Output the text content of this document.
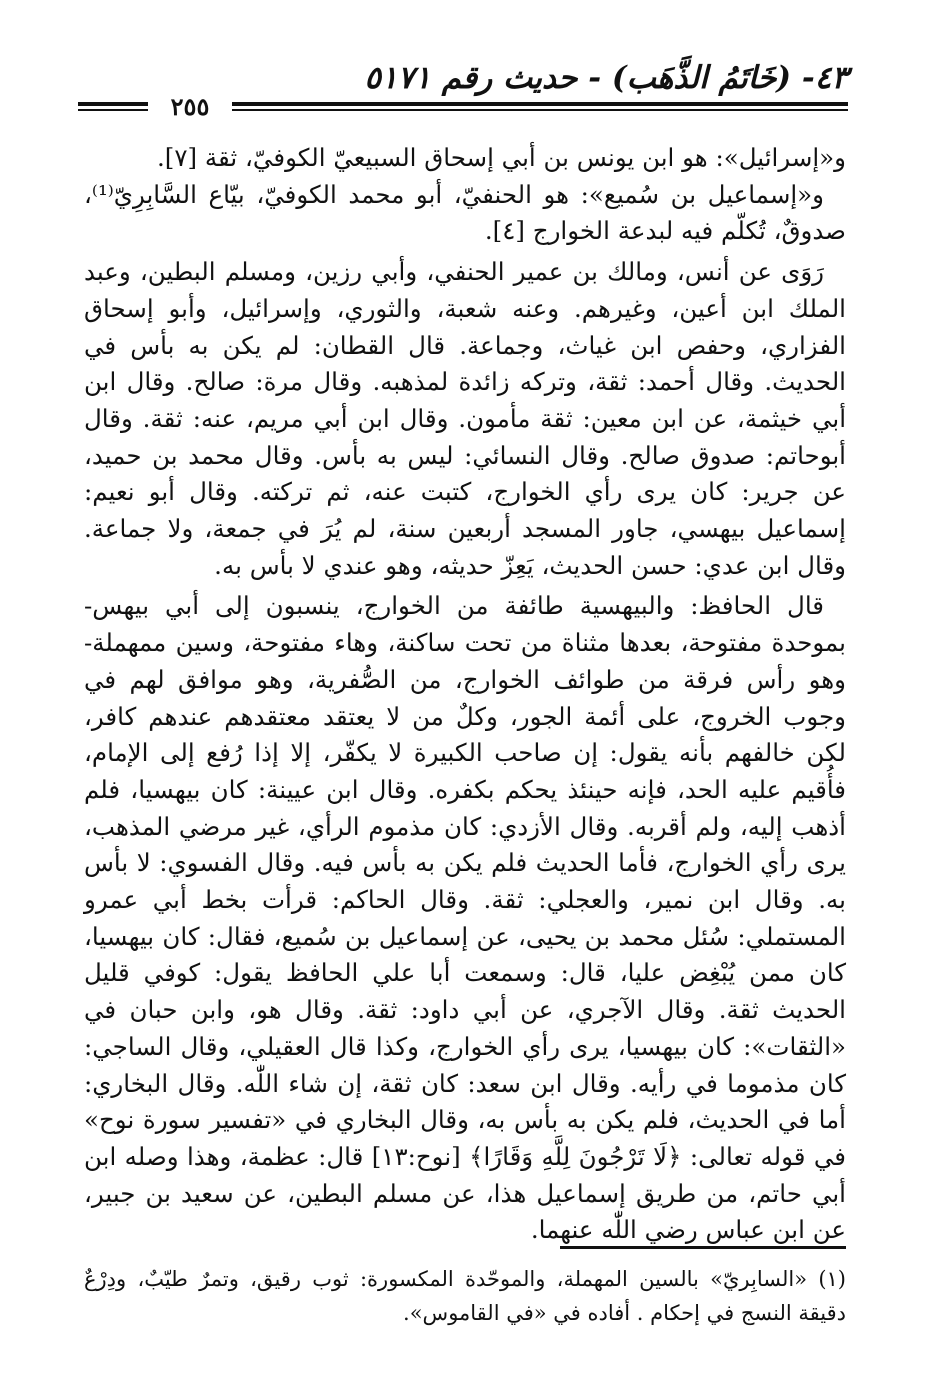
٤٣- (خَاتَمُ الذَّهَب) - حديث رقم ٥١٧١
٢٥٥

و«إسرائيل»: هو ابن يونس بن أبي إسحاق السبيعيّ الكوفيّ، ثقة [٧].

و«إسماعيل بن سُميع»: هو الحنفيّ، أبو محمد الكوفيّ، بيّاع السَّابِرِيّ⁽¹⁾، صدوقٌ، تُكلّم فيه لبدعة الخوارج [٤].

رَوَى عن أنس، ومالك بن عمير الحنفي، وأبي رزين، ومسلم البطين، وعبد الملك ابن أعين، وغيرهم. وعنه شعبة، والثوري، وإسرائيل، وأبو إسحاق الفزاري، وحفص ابن غياث، وجماعة. قال القطان: لم يكن به بأس في الحديث. وقال أحمد: ثقة، وتركه زائدة لمذهبه. وقال مرة: صالح. وقال ابن أبي خيثمة، عن ابن معين: ثقة مأمون. وقال ابن أبي مريم، عنه: ثقة. وقال أبوحاتم: صدوق صالح. وقال النسائي: ليس به بأس. وقال محمد بن حميد، عن جرير: كان يرى رأي الخوارج، كتبت عنه، ثم تركته. وقال أبو نعيم: إسماعيل بيهسي، جاور المسجد أربعين سنة، لم يُرَ في جمعة، ولا جماعة. وقال ابن عدي: حسن الحديث، يَعِزّ حديثه، وهو عندي لا بأس به.

قال الحافظ: والبيهسية طائفة من الخوارج، ينسبون إلى أبي بيهس- بموحدة مفتوحة، بعدها مثناة من تحت ساكنة، وهاء مفتوحة، وسين ممهملة- وهو رأس فرقة من طوائف الخوارج، من الصُّفرية، وهو موافق لهم في وجوب الخروج، على أئمة الجور، وكلٌ من لا يعتقد معتقدهم عندهم كافر، لكن خالفهم بأنه يقول: إن صاحب الكبيرة لا يكفّر، إلا إذا رُفع إلى الإمام، فأُقيم عليه الحد، فإنه حينئذ يحكم بكفره. وقال ابن عيينة: كان بيهسيا، فلم أذهب إليه، ولم أقربه. وقال الأزدي: كان مذموم الرأي، غير مرضي المذهب، يرى رأي الخوارج، فأما الحديث فلم يكن به بأس فيه. وقال الفسوي: لا بأس به. وقال ابن نمير، والعجلي: ثقة. وقال الحاكم: قرأت بخط أبي عمرو المستملي: سُئل محمد بن يحيى، عن إسماعيل بن سُميع، فقال: كان بيهسيا، كان ممن يُبْغِض عليا، قال: وسمعت أبا علي الحافظ يقول: كوفي قليل الحديث ثقة. وقال الآجري، عن أبي داود: ثقة. وقال هو، وابن حبان في «الثقات»: كان بيهسيا، يرى رأي الخوارج، وكذا قال العقيلي، وقال الساجي: كان مذموما في رأيه. وقال ابن سعد: كان ثقة، إن شاء اللّٰه. وقال البخاري: أما في الحديث، فلم يكن به بأس به، وقال البخاري في «تفسير سورة نوح» في قوله تعالى: ﴿لَا تَرْجُونَ لِلَّهِ وَقَارًا﴾ [نوح:١٣] قال: عظمة، وهذا وصله ابن أبي حاتم، من طريق إسماعيل هذا، عن مسلم البطين، عن سعيد بن جبير، عن ابن عباس رضي اللّٰه عنهما.

(١) «السابِريّ» بالسين المهملة، والموحّدة المكسورة: ثوب رقيق، وتمرٌ طيّبٌ، ودِرْعٌ دقيقة النسج في إحكام . أفاده في «في القاموس».
